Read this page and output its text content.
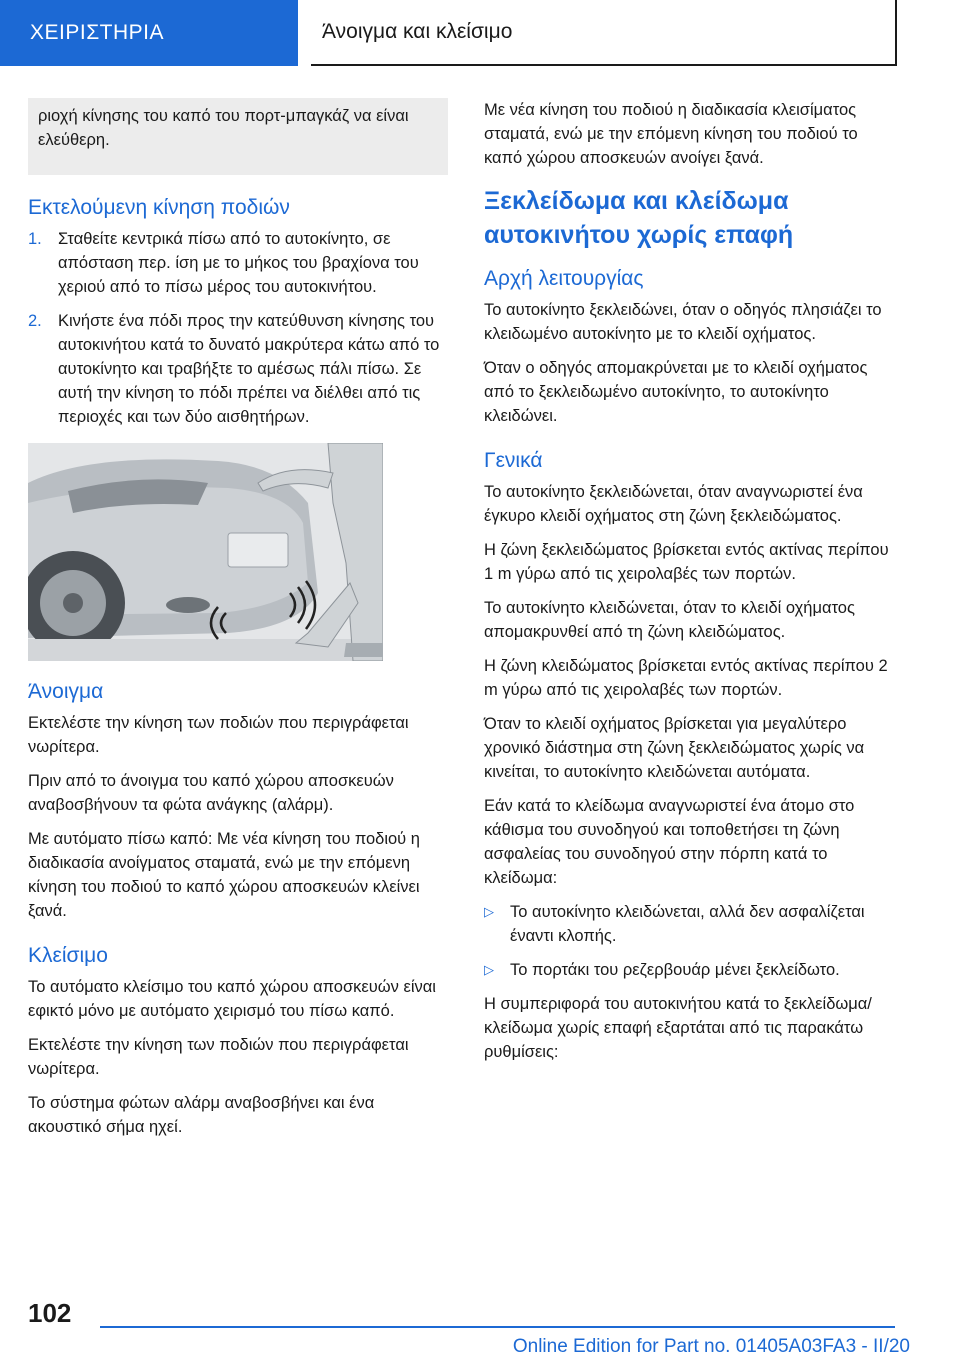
ΧΕΙΡΙΣΤΗΡΙΑ	Άνοιγμα και κλείσιμο
ριοχή κίνησης του καπό του πορτ-μπαγκάζ να είναι ελεύθερη.
Εκτελούμενη κίνηση ποδιών
1. Σταθείτε κεντρικά πίσω από το αυτοκίνητο, σε απόσταση περ. ίση με το μήκος του βραχίονα του χεριού από το πίσω μέρος του αυτοκινήτου.
2. Κινήστε ένα πόδι προς την κατεύθυνση κίνησης του αυτοκινήτου κατά το δυνατό μακρύτερα κάτω από το αυτοκίνητο και τραβήξτε το αμέσως πάλι πίσω. Σε αυτή την κίνηση το πόδι πρέπει να διέλθει από τις περιοχές και των δύο αισθητήρων.
Άνοιγμα

Εκτελέστε την κίνηση των ποδιών που περιγράφεται νωρίτερα.

Πριν από το άνοιγμα του καπό χώρου αποσκευών αναβοσβήνουν τα φώτα ανάγκης (αλάρμ).

Με αυτόματο πίσω καπό: Με νέα κίνηση του ποδιού η διαδικασία ανοίγματος σταματά, ενώ με την επόμενη κίνηση του ποδιού το καπό χώρου αποσκευών κλείνει ξανά.

Κλείσιμο

Το αυτόματο κλείσιμο του καπό χώρου αποσκευών είναι εφικτό μόνο με αυτόματο χειρισμό του πίσω καπό.

Εκτελέστε την κίνηση των ποδιών που περιγράφεται νωρίτερα.

Το σύστημα φώτων αλάρμ αναβοσβήνει και ένα ακουστικό σήμα ηχεί.

Με νέα κίνηση του ποδιού η διαδικασία κλεισίματος σταματά, ενώ με την επόμενη κίνηση του ποδιού το καπό χώρου αποσκευών ανοίγει ξανά.

Ξεκλείδωμα και κλείδωμα αυτοκινήτου χωρίς επαφή
Αρχή λειτουργίας

Το αυτοκίνητο ξεκλειδώνει, όταν ο οδηγός πλησιάζει το κλειδωμένο αυτοκίνητο με το κλειδί οχήματος.

Όταν ο οδηγός απομακρύνεται με το κλειδί οχήματος από το ξεκλειδωμένο αυτοκίνητο, το αυτοκίνητο κλειδώνει.

Γενικά

Το αυτοκίνητο ξεκλειδώνεται, όταν αναγνωριστεί ένα έγκυρο κλειδί οχήματος στη ζώνη ξεκλειδώματος.

Η ζώνη ξεκλειδώματος βρίσκεται εντός ακτίνας περίπου 1 m γύρω από τις χειρολαβές των πορτών.

Το αυτοκίνητο κλειδώνεται, όταν το κλειδί οχήματος απομακρυνθεί από τη ζώνη κλειδώματος.

Η ζώνη κλειδώματος βρίσκεται εντός ακτίνας περίπου 2 m γύρω από τις χειρολαβές των πορτών.

Όταν το κλειδί οχήματος βρίσκεται για μεγαλύτερο χρονικό διάστημα στη ζώνη ξεκλειδώματος χωρίς να κινείται, το αυτοκίνητο κλειδώνεται αυτόματα.

Εάν κατά το κλείδωμα αναγνωριστεί ένα άτομο στο κάθισμα του συνοδηγού και τοποθετήσει τη ζώνη ασφαλείας του συνοδηγού στην πόρπη κατά το κλείδωμα:

▷ Το αυτοκίνητο κλειδώνεται, αλλά δεν ασφαλίζεται έναντι κλοπής.
▷ Το πορτάκι του ρεζερβουάρ μένει ξεκλείδωτο.

Η συμπεριφορά του αυτοκινήτου κατά το ξεκλείδωμα/κλείδωμα χωρίς επαφή εξαρτάται από τις παρακάτω ρυθμίσεις:

102
Online Edition for Part no. 01405A03FA3 - II/20
